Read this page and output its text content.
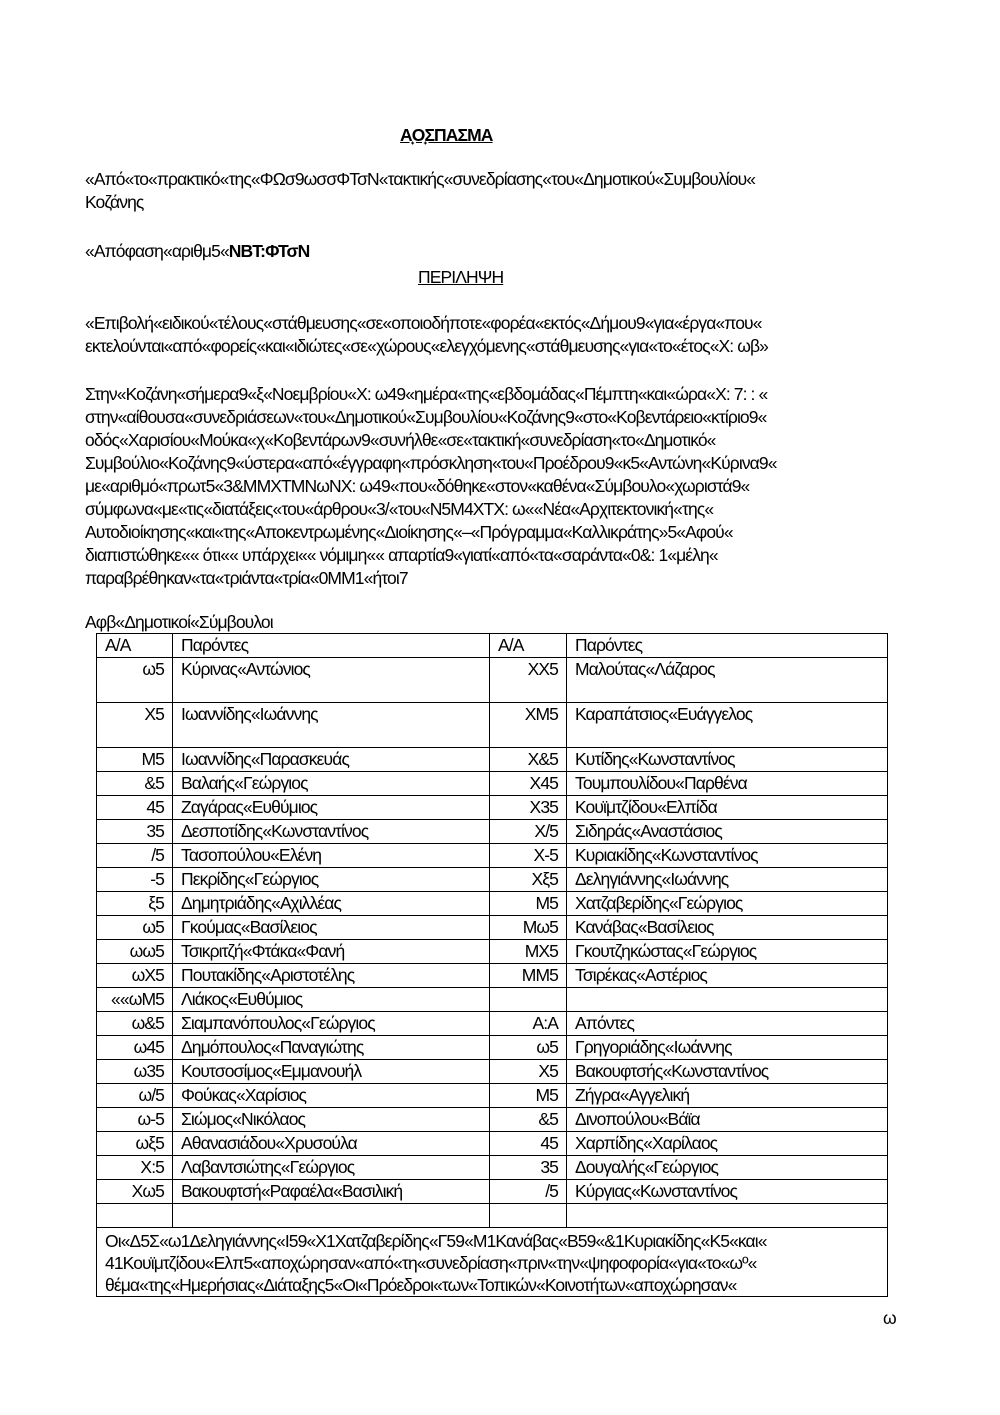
Α̟Ο̟ΣΠΑΣΜΑ
«Από«το«πρακτικό«της«ΦΩσ9ωσσΦΤσΝ«τακτικής«συνεδρίασης«του«Δημοτικού«Συμβουλίου«
Κοζάνης
«Απόφαση«αριθμ5«ΝΒΤ:ΦΤσΝ
ΠΕΡΙΛΗΨΗ
«Επιβολή«ειδικού«τέλους«στάθμευσης«σε«οποιοδήποτε«φορέα«εκτός«Δήμου9«για«έργα«που«
εκτελούνται«από«φορείς«και«ιδιώτες«σε«χώρους«ελεγχόμενης«στάθμευσης«για«το«έτος«Χ: ωβ»
Στην«Κοζάνη«σήμερα9«ξ«Νοεμβρίου«Χ: ω49«ημέρα«της«εβδομάδας«Πέμπτη«και«ώρα«Χ: 7: : «
στην«αίθουσα«συνεδριάσεων«του«Δημοτικού«Συμβουλίου«Κοζάνης9«στο«Κοβεντάρειο«κτίριο9«
οδός«Χαρισίου«Μούκα«χ«Κοβεντάρων9«συνήλθε«σε«τακτική«συνεδρίαση«το«Δημοτικό«
Συμβούλιο«Κοζάνης9«ύστερα«από«έγγραφη«πρόσκληση«του«Προέδρου9«κ5«Αντώνη«Κύρινα9«
με«αριθμό«πρωτ5«3&ΜΜΧΤΜΝωΝΧ: ω49«που«δόθηκε«στον«καθένα«Σύμβουλο«χωριστά9«
σύμφωνα«με«τις«διατάξεις«του«άρθρου«3/«του«Ν5Μ4ΧΤΧ: ω««Νέα«Αρχιτεκτονική«της«
Αυτοδιοίκησης«και«της«Αποκεντρωμένης«Διοίκησης«–«Πρόγραμμα«Καλλικράτης»5«Αφού«
διαπιστώθηκε«« ότι«« υπάρχει«« νόμιμη«« απαρτία9«γιατί«από«τα«σαράντα«0&: 1«μέλη«
παραβρέθηκαν«τα«τριάντα«τρία«0ΜΜ1«ήτοι7
Αφβ«Δημοτικοί«Σύμβουλοι
Α/Α	Παρόντες	Α/Α	Παρόντες
ω5	Κύρινας«Αντώνιος	ΧΧ5	Μαλούτας«Λάζαρος
Χ5	Ιωαννίδης«Ιωάννης	ΧΜ5	Καραπάτσιος«Ευάγγελος
Μ5	Ιωαννίδης«Παρασκευάς	Χ&5	Κυτίδης«Κωνσταντίνος
&5	Βαλαής«Γεώργιος	Χ45	Τουμπουλίδου«Παρθένα
45	Ζαγάρας«Ευθύμιος	Χ35	Κουϊμτζίδου«Ελπίδα
35	Δεσποτίδης«Κωνσταντίνος	Χ/5	Σιδηράς«Αναστάσιος
/5	Τασοπούλου«Ελένη	Χ-5	Κυριακίδης«Κωνσταντίνος
-5	Πεκρίδης«Γεώργιος	Χξ5	Δεληγιάννης«Ιωάννης
ξ5	Δημητριάδης«Αχιλλέας	Μ5	Χατζαβερίδης«Γεώργιος
ω5	Γκούμας«Βασίλειος	Μω5	Κανάβας«Βασίλειος
ωω5	Τσικριτζή«Φτάκα«Φανή	ΜΧ5	Γκουτζηκώστας«Γεώργιος
ωΧ5	Πουτακίδης«Αριστοτέλης	ΜΜ5	Τσιρέκας«Αστέριος
««ωΜ5	Λιάκος«Ευθύμιος		
ω&5	Σιαμπανόπουλος«Γεώργιος	Α:Α	Απόντες
ω45	Δημόπουλος«Παναγιώτης	ω5	Γρηγοριάδης«Ιωάννης
ω35	Κουτσοσίμος«Εμμανουήλ	Χ5	Βακουφτσής«Κωνσταντίνος
ω/5	Φούκας«Χαρίσιος	Μ5	Ζήγρα«Αγγελική
ω-5	Σιώμος«Νικόλαος	&5	Δινοπούλου«Βάϊα
ωξ5	Αθανασιάδου«Χρυσούλα	45	Χαρπίδης«Χαρίλαος
Χ:5	Λαβαντσιώτης«Γεώργιος	35	Δουγαλής«Γεώργιος
Χω5	Βακουφτσή«Ραφαέλα«Βασιλική	/5	Κύργιας«Κωνσταντίνος

Οι«Δ5Σ«ω1Δεληγιάννης«Ι59«Χ1Χατζαβερίδης«Γ59«Μ1Κανάβας«Β59«&1Κυριακίδης«Κ5«και«
41Κουϊμτζίδου«Ελπ5«αποχώρησαν«από«τη«συνεδρίαση«πριν«την«ψηφοφορία«για«το«ωº«
θέμα«της«Ημερήσιας«Διάταξης5«Οι«Πρόεδροι«των«Τοπικών«Κοινοτήτων«αποχώρησαν«			
ω
